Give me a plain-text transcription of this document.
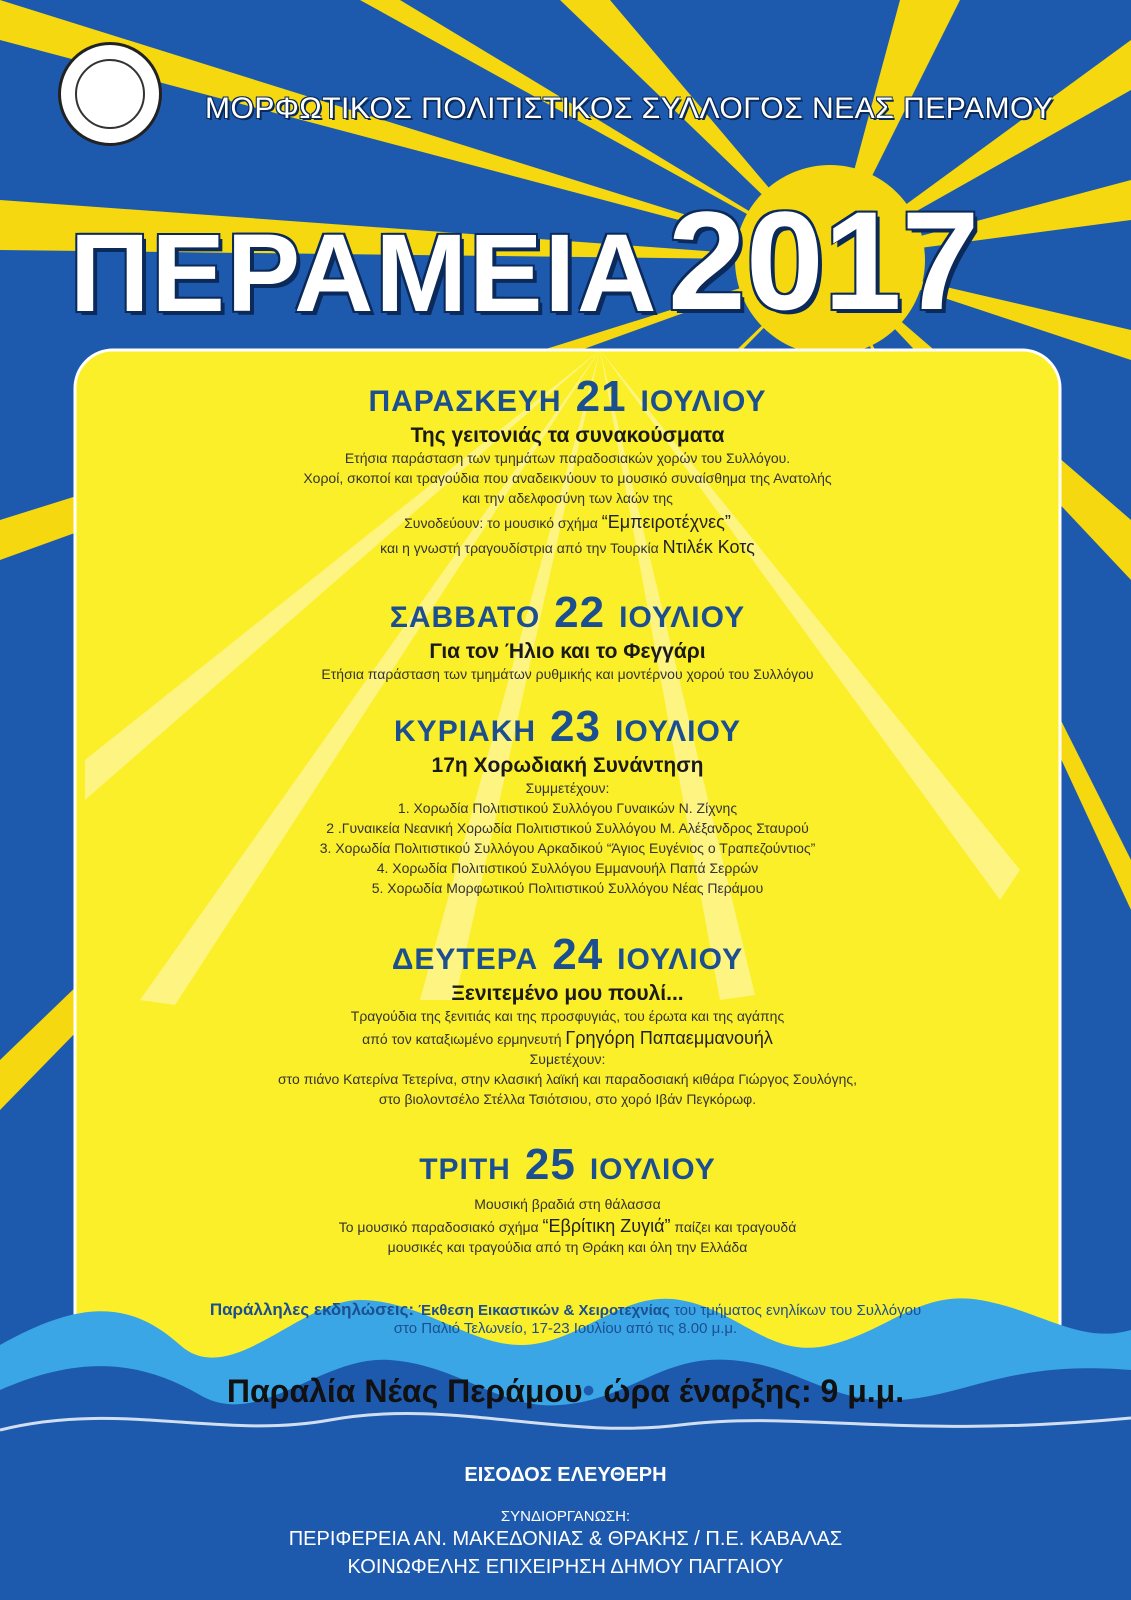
ΜΟΡΦΩΤΙΚΟΣ ΠΟΛΙΤΙΣΤΙΚΟΣ ΣΥΛΛΟΓΟΣ ΝΕΑΣ ΠΕΡΑΜΟΥ
ΠΕΡΑΜΕΙΑ 2017
ΠΑΡΑΣΚΕΥΗ 21 ΙΟΥΛΙΟΥ
Της γειτονιάς τα συνακούσματα
Ετήσια παράσταση των τμημάτων παραδοσιακών χορών του Συλλόγου.
Χοροί, σκοποί και τραγούδια που αναδεικνύουν το μουσικό συναίσθημα της Ανατολής
και την αδελφοσύνη των λαών της
Συνοδεύουν: το μουσικό σχήμα “Εμπειροτέχνες”
και η γνωστή τραγουδίστρια από την Τουρκία Ντιλέκ Κοτς
ΣΑΒΒΑΤΟ 22 ΙΟΥΛΙΟΥ
Για τον Ήλιο και το Φεγγάρι
Ετήσια παράσταση των τμημάτων ρυθμικής και μοντέρνου χορού του Συλλόγου
ΚΥΡΙΑΚΗ 23 ΙΟΥΛΙΟΥ
17η Χορωδιακή Συνάντηση
Συμμετέχουν:
1. Χορωδία Πολιτιστικού Συλλόγου Γυναικών Ν. Ζίχνης
2 .Γυναικεία Νεανική Χορωδία Πολιτιστικού Συλλόγου Μ. Αλέξανδρος Σταυρού
3. Χορωδία Πολιτιστικού Συλλόγου Αρκαδικού “Άγιος Ευγένιος ο Τραπεζούντιος”
4. Χορωδία Πολιτιστικού Συλλόγου Εμμανουήλ Παπά Σερρών
5. Χορωδία Μορφωτικού Πολιτιστικού Συλλόγου Νέας Περάμου
ΔΕΥΤΕΡΑ 24 ΙΟΥΛΙΟΥ
Ξενιτεμένο μου πουλί...
Τραγούδια της ξενιτιάς και της προσφυγιάς, του έρωτα και της αγάπης
από τον καταξιωμένο ερμηνευτή Γρηγόρη Παπαεμμανουήλ
Συμετέχουν:
στο πιάνο Κατερίνα Τετερίνα, στην κλασική λαϊκή και παραδοσιακή κιθάρα Γιώργος Σουλόγης,
στο βιολοντσέλο Στέλλα Τσιότσιου, στο χορό Ιβάν Πεγκόρωφ.
ΤΡΙΤΗ 25 ΙΟΥΛΙΟΥ
Μουσική βραδιά στη θάλασσα
Το μουσικό παραδοσιακό σχήμα “Εβρίτικη Ζυγιά” παίζει και τραγουδά
μουσικές και τραγούδια από τη Θράκη και όλη την Ελλάδα
Παράλληλες εκδηλώσεις: Έκθεση Εικαστικών & Χειροτεχνίας του τμήματος ενηλίκων του Συλλόγου
στο Παλιό Τελωνείο, 17-23 Ιουλίου από τις 8.00 μ.μ.
Παραλία Νέας Περάμου• ώρα έναρξης: 9 μ.μ.
ΕΙΣΟΔΟΣ ΕΛΕΥΘΕΡΗ
ΣΥΝΔΙΟΡΓΑΝΩΣΗ:
ΠΕΡΙΦΕΡΕΙΑ ΑΝ. ΜΑΚΕΔΟΝΙΑΣ & ΘΡΑΚΗΣ / Π.Ε. ΚΑΒΑΛΑΣ
ΚΟΙΝΩΦΕΛΗΣ ΕΠΙΧΕΙΡΗΣΗ ΔΗΜΟΥ ΠΑΓΓΑΙΟΥ
